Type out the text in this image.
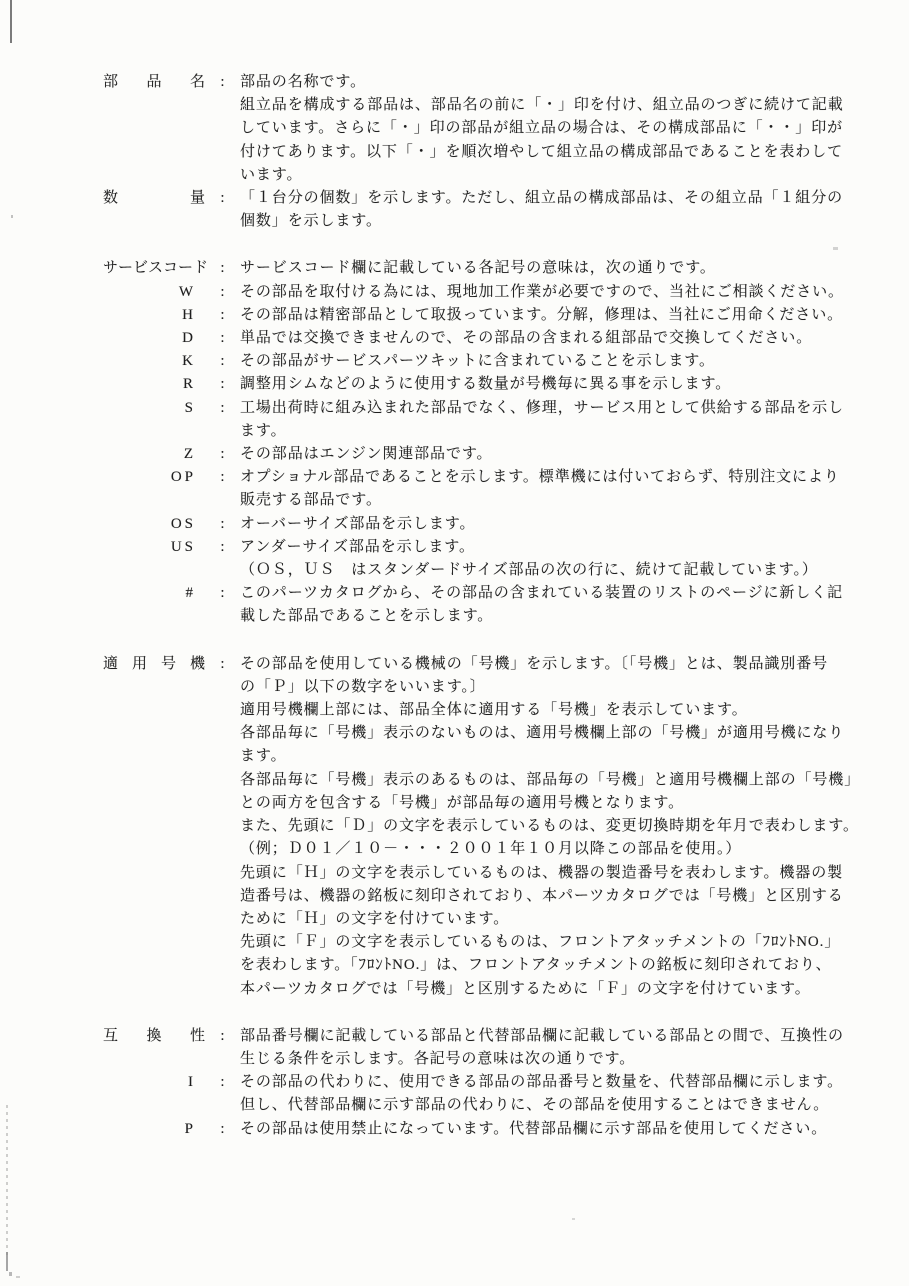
部品名	:	部品の名称です。
組立品を構成する部品は、部品名の前に「・」印を付け、組立品のつぎに続けて記載
しています。さらに「・」印の部品が組立品の場合は、その構成部品に「・・」印が
付けてあります。以下「・」を順次増やして組立品の構成部品であることを表わして
います。
数量	:	「１台分の個数」を示します。ただし、組立品の構成部品は、その組立品「１組分の
個数」を示します。
サービスコード :	サービスコード欄に記載している各記号の意味は，次の通りです。
W	:	その部品を取付ける為には、現地加工作業が必要ですので、当社にご相談ください。
H	:	その部品は精密部品として取扱っています。分解，修理は、当社にご用命ください。
D	:	単品では交換できませんので、その部品の含まれる組部品で交換してください。
K	:	その部品がサービスパーツキットに含まれていることを示します。
R	:	調整用シムなどのように使用する数量が号機毎に異る事を示します。
S	:	工場出荷時に組み込まれた部品でなく、修理，サービス用として供給する部品を示し
ます。
Z	:	その部品はエンジン関連部品です。
OP	:	オプショナル部品であることを示します。標準機には付いておらず、特別注文により
販売する部品です。
OS	:	オーバーサイズ部品を示します。
US	:	アンダーサイズ部品を示します。
（ＯＳ，ＵＳ　はスタンダードサイズ部品の次の行に、続けて記載しています。）
#	:	このパーツカタログから、その部品の含まれている装置のリストのページに新しく記
載した部品であることを示します。
適用号機	:	その部品を使用している機械の「号機」を示します。〔「号機」とは、製品識別番号
の「Ｐ」以下の数字をいいます。〕
適用号機欄上部には、部品全体に適用する「号機」を表示しています。
各部品毎に「号機」表示のないものは、適用号機欄上部の「号機」が適用号機になり
ます。
各部品毎に「号機」表示のあるものは、部品毎の「号機」と適用号機欄上部の「号機」
との両方を包含する「号機」が部品毎の適用号機となります。
また、先頭に「Ｄ」の文字を表示しているものは、変更切換時期を年月で表わします。
（例；Ｄ０１／１０－・・・２００１年１０月以降この部品を使用。）
先頭に「Ｈ」の文字を表示しているものは、機器の製造番号を表わします。機器の製
造番号は、機器の銘板に刻印されており、本パーツカタログでは「号機」と区別する
ために「Ｈ」の文字を付けています。
先頭に「Ｆ」の文字を表示しているものは、フロントアタッチメントの「ﾌﾛﾝﾄNO.」
を表わします。「ﾌﾛﾝﾄNO.」は、フロントアタッチメントの銘板に刻印されており、
本パーツカタログでは「号機」と区別するために「Ｆ」の文字を付けています。
互換性	:	部品番号欄に記載している部品と代替部品欄に記載している部品との間で、互換性の
生じる条件を示します。各記号の意味は次の通りです。
I	:	その部品の代わりに、使用できる部品の部品番号と数量を、代替部品欄に示します。
但し、代替部品欄に示す部品の代わりに、その部品を使用することはできません。
P	:	その部品は使用禁止になっています。代替部品欄に示す部品を使用してください。
